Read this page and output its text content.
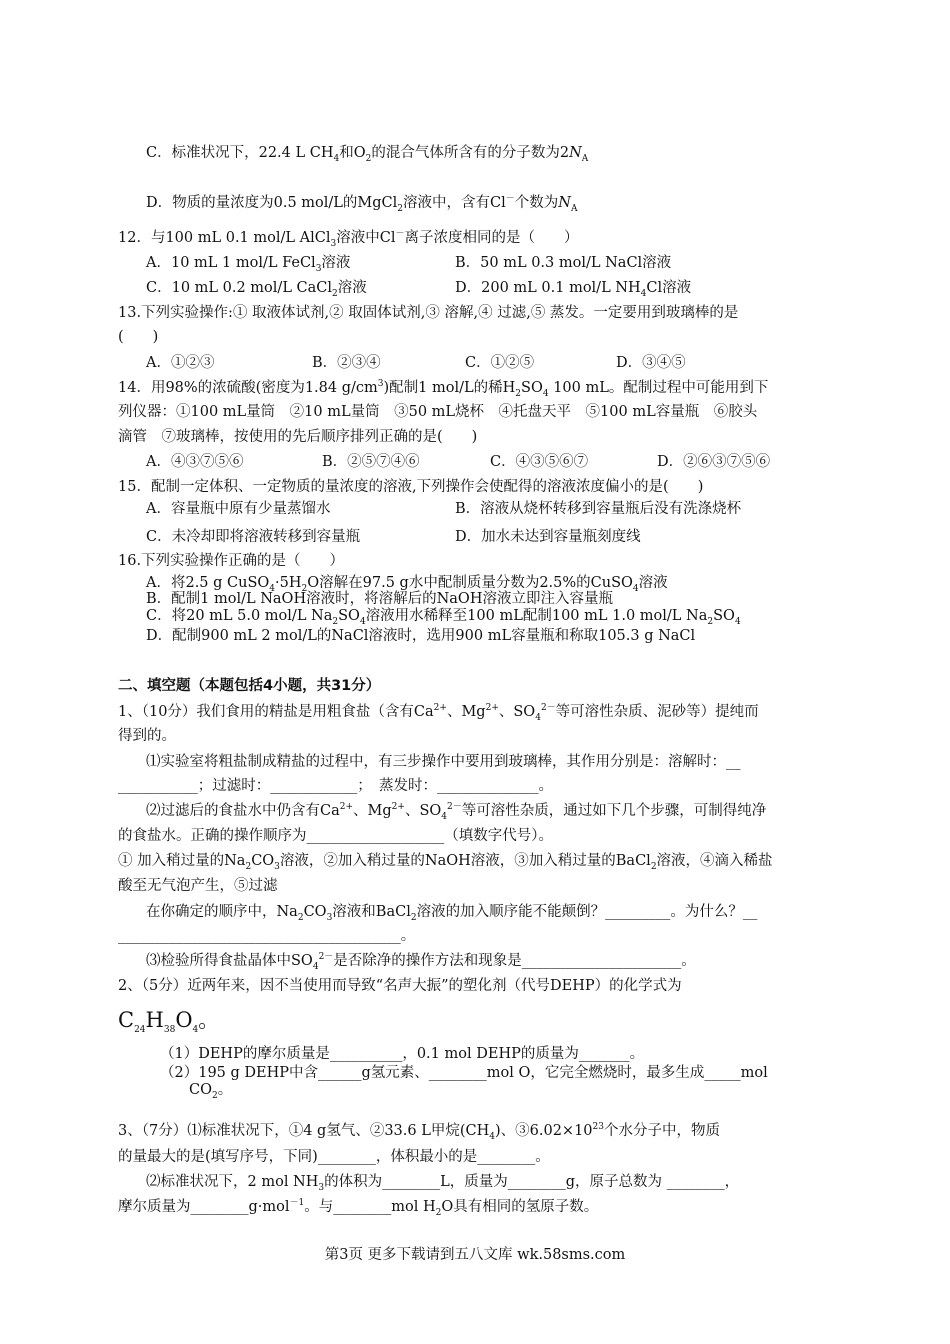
C．标准状况下，22.4 L $CH_4$和$O_2$的混合气体所含有的分子数为$2N_A$
D．物质的量浓度为0.5 mol/L的MgCl$_2$溶液中，含有Cl－个数为$N_A$
12．与100 mL 0.1 mol/L AlCl$_3$溶液中Cl－离子浓度相同的是（　　）
A．10 mL 1 mol/L FeCl$_3$溶液	B．50 mL 0.3 mol/L NaCl溶液
C．10 mL 0.2 mol/L CaCl$_2$溶液	D．200 mL 0.1 mol/L $NH_4Cl$溶液
13.下列实验操作:① 取液体试剂,② 取固体试剂,③ 溶解,④ 过滤,⑤ 蒸发。一定要用到玻璃棒的是
(　　)
A．①②③	B．②③④	C．①②⑤	D．③④⑤
14．用98%的浓硫酸(密度为1.84 $g/cm^3$)配制1 mol/L的稀$H_2SO_4$ 100 mL。配制过程中可能用到下
列仪器：①100 mL量筒　②10 mL量筒　③50 mL烧杯　④托盘天平　⑤100 mL容量瓶　⑥胶头
滴管　⑦玻璃棒，按使用的先后顺序排列正确的是(　　)
A．④③⑦⑤⑥	B．②⑤⑦④⑥	C．④③⑤⑥⑦	D．②⑥③⑦⑤⑥
15．配制一定体积、一定物质的量浓度的溶液,下列操作会使配得的溶液浓度偏小的是(　　)
A．容量瓶中原有少量蒸馏水	B．溶液从烧杯转移到容量瓶后没有洗涤烧杯
C．未冷却即将溶液转移到容量瓶	D．加水未达到容量瓶刻度线
16.下列实验操作正确的是（　　）
A．将2.5 g $CuSO_4\cdot 5H_2O$溶解在97.5 g水中配制质量分数为2.5%的CuSO$_4$溶液
B．配制1 mol/L NaOH溶液时，将溶解后的NaOH溶液立即注入容量瓶
C．将20 mL 5.0 mol/L $Na_2SO_4$溶液用水稀释至100 mL配制100 mL 1.0 mol/L $Na_2SO_4$
D．配制900 mL 2 mol/L的NaCl溶液时，选用900 mL容量瓶和称取105.3 g NaCl
二、填空题（本题包括4小题，共31分）
1、（10分）我们食用的精盐是用粗食盐（含有$Ca^{2+}$、$Mg^{2+}$、$SO_4^{2-}$等可溶性杂质、泥砂等）提纯而
得到的。
⑴实验室将粗盐制成精盐的过程中，有三步操作中要用到玻璃棒，其作用分别是：溶解时：__
___________；过滤时：____________；　蒸发时：______________。
⑵过滤后的食盐水中仍含有$Ca^{2+}$、$Mg^{2+}$、$SO_4^{2-}$等可溶性杂质，通过如下几个步骤，可制得纯净
的食盐水。正确的操作顺序为___________________（填数字代号）。
① 加入稍过量的$Na_2CO_3$溶液，②加入稍过量的NaOH溶液，③加入稍过量的BaCl$_2$溶液，④滴入稀盐
酸至无气泡产生，⑤过滤
在你确定的顺序中，$Na_2CO_3$溶液和BaCl$_2$溶液的加入顺序能不能颠倒？_________。为什么？__
_______________________________________。
⑶检验所得食盐晶体中$SO_4^{2-}$是否除净的操作方法和现象是______________________。
2、（5分）近两年来，因不当使用而导致“名声大振”的塑化剂（代号DEHP）的化学式为
$C_{24}H_{38}O_4$。
（1）DEHP的摩尔质量是__________，0.1 mol DEHP的质量为_______。
（2）195 g DEHP中含______g氢元素、________mol O，它完全燃烧时，最多生成_____mol
$CO_2$。
3、（7分）⑴标准状况下，①4 g氢气、②33.6 L甲烷$(CH_4)$、$③6.02\times 10^{23}$个水分子中，物质
的量最大的是(填写序号，下同)________，体积最小的是________。
⑵标准状况下，2 mol $NH_3$的体积为________L，质量为________g，原子总数为 ________，
摩尔质量为________g·mol$^{-1}$。与________mol $H_2O$具有相同的氢原子数。
第3页 更多下载请到五八文库 wk.58sms.com
